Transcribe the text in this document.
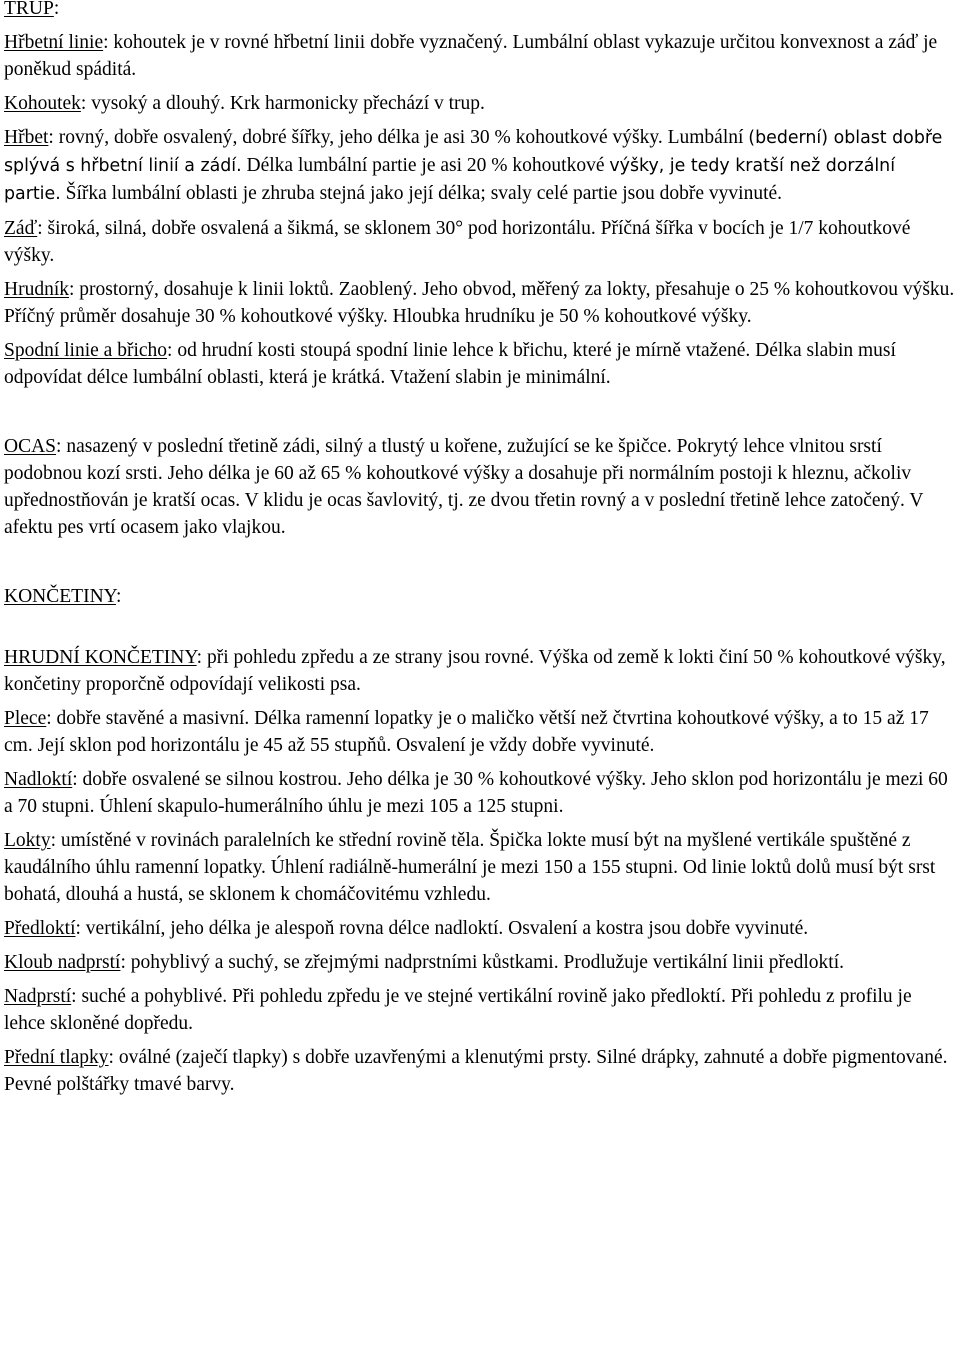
TRUP:

Hřbetní linie: kohoutek je v rovné hřbetní linii dobře vyznačený. Lumbální oblast vykazuje určitou konvexnost a záď je poněkud spáditá.

Kohoutek: vysoký a dlouhý. Krk harmonicky přechází v trup.

Hřbet: rovný, dobře osvalený, dobré šířky, jeho délka je asi 30 % kohoutkové výšky. Lumbální (bederní) oblast dobře splývá s hřbetní linií a zádí. Délka lumbální partie je asi 20 % kohoutkové výšky, je tedy kratší než dorzální partie. Šířka lumbální oblasti je zhruba stejná jako její délka; svaly celé partie jsou dobře vyvinuté.

Záď: široká, silná, dobře osvalená a šikmá, se sklonem 30° pod horizontálu. Příčná šířka v bocích je 1/7 kohoutkové výšky.

Hrudník: prostorný, dosahuje k linii loktů. Zaoblený. Jeho obvod, měřený za lokty, přesahuje o 25 % kohoutkovou výšku. Příčný průměr dosahuje 30 % kohoutkové výšky. Hloubka hrudníku je 50 % kohoutkové výšky.

Spodní linie a břicho: od hrudní kosti stoupá spodní linie lehce k břichu, které je mírně vtažené. Délka slabin musí odpovídat délce lumbální oblasti, která je krátká. Vtažení slabin je minimální.

OCAS: nasazený v poslední třetině zádi, silný a tlustý u kořene, zužující se ke špičce. Pokrytý lehce vlnitou srstí podobnou kozí srsti. Jeho délka je 60 až 65 % kohoutkové výšky a dosahuje při normálním postoji k hleznu, ačkoliv upřednostňován je kratší ocas. V klidu je ocas šavlovitý, tj. ze dvou třetin rovný a v poslední třetině lehce zatočený. V afektu pes vrtí ocasem jako vlajkou.

KONČETINY:

HRUDNÍ KONČETINY: při pohledu zpředu a ze strany jsou rovné. Výška od země k lokti činí 50 % kohoutkové výšky, končetiny proporčně odpovídají velikosti psa.

Plece: dobře stavěné a masivní. Délka ramenní lopatky je o maličko větší než čtvrtina kohoutkové výšky, a to 15 až 17 cm. Její sklon pod horizontálu je 45 až 55 stupňů. Osvalení je vždy dobře vyvinuté.

Nadloktí: dobře osvalené se silnou kostrou. Jeho délka je 30 % kohoutkové výšky. Jeho sklon pod horizontálu je mezi 60 a 70 stupni. Úhlení skapulo-humerálního úhlu je mezi 105 a 125 stupni.

Lokty: umístěné v rovinách paralelních ke střední rovině těla. Špička lokte musí být na myšlené vertikále spuštěné z kaudálního úhlu ramenní lopatky. Úhlení radiálně-humerální je mezi 150 a 155 stupni. Od linie loktů dolů musí být srst bohatá, dlouhá a hustá, se sklonem k chomáčovitému vzhledu.

Předloktí: vertikální, jeho délka je alespoň rovna délce nadloktí. Osvalení a kostra jsou dobře vyvinuté.

Kloub nadprstí: pohyblivý a suchý, se zřejmými nadprstními kůstkami. Prodlužuje vertikální linii předloktí.

Nadprstí: suché a pohyblivé. Při pohledu zpředu je ve stejné vertikální rovině jako předloktí. Při pohledu z profilu je lehce skloněné dopředu.

Přední tlapky: oválné (zaječí tlapky) s dobře uzavřenými a klenutými prsty. Silné drápky, zahnuté a dobře pigmentované. Pevné polštářky tmavé barvy.
